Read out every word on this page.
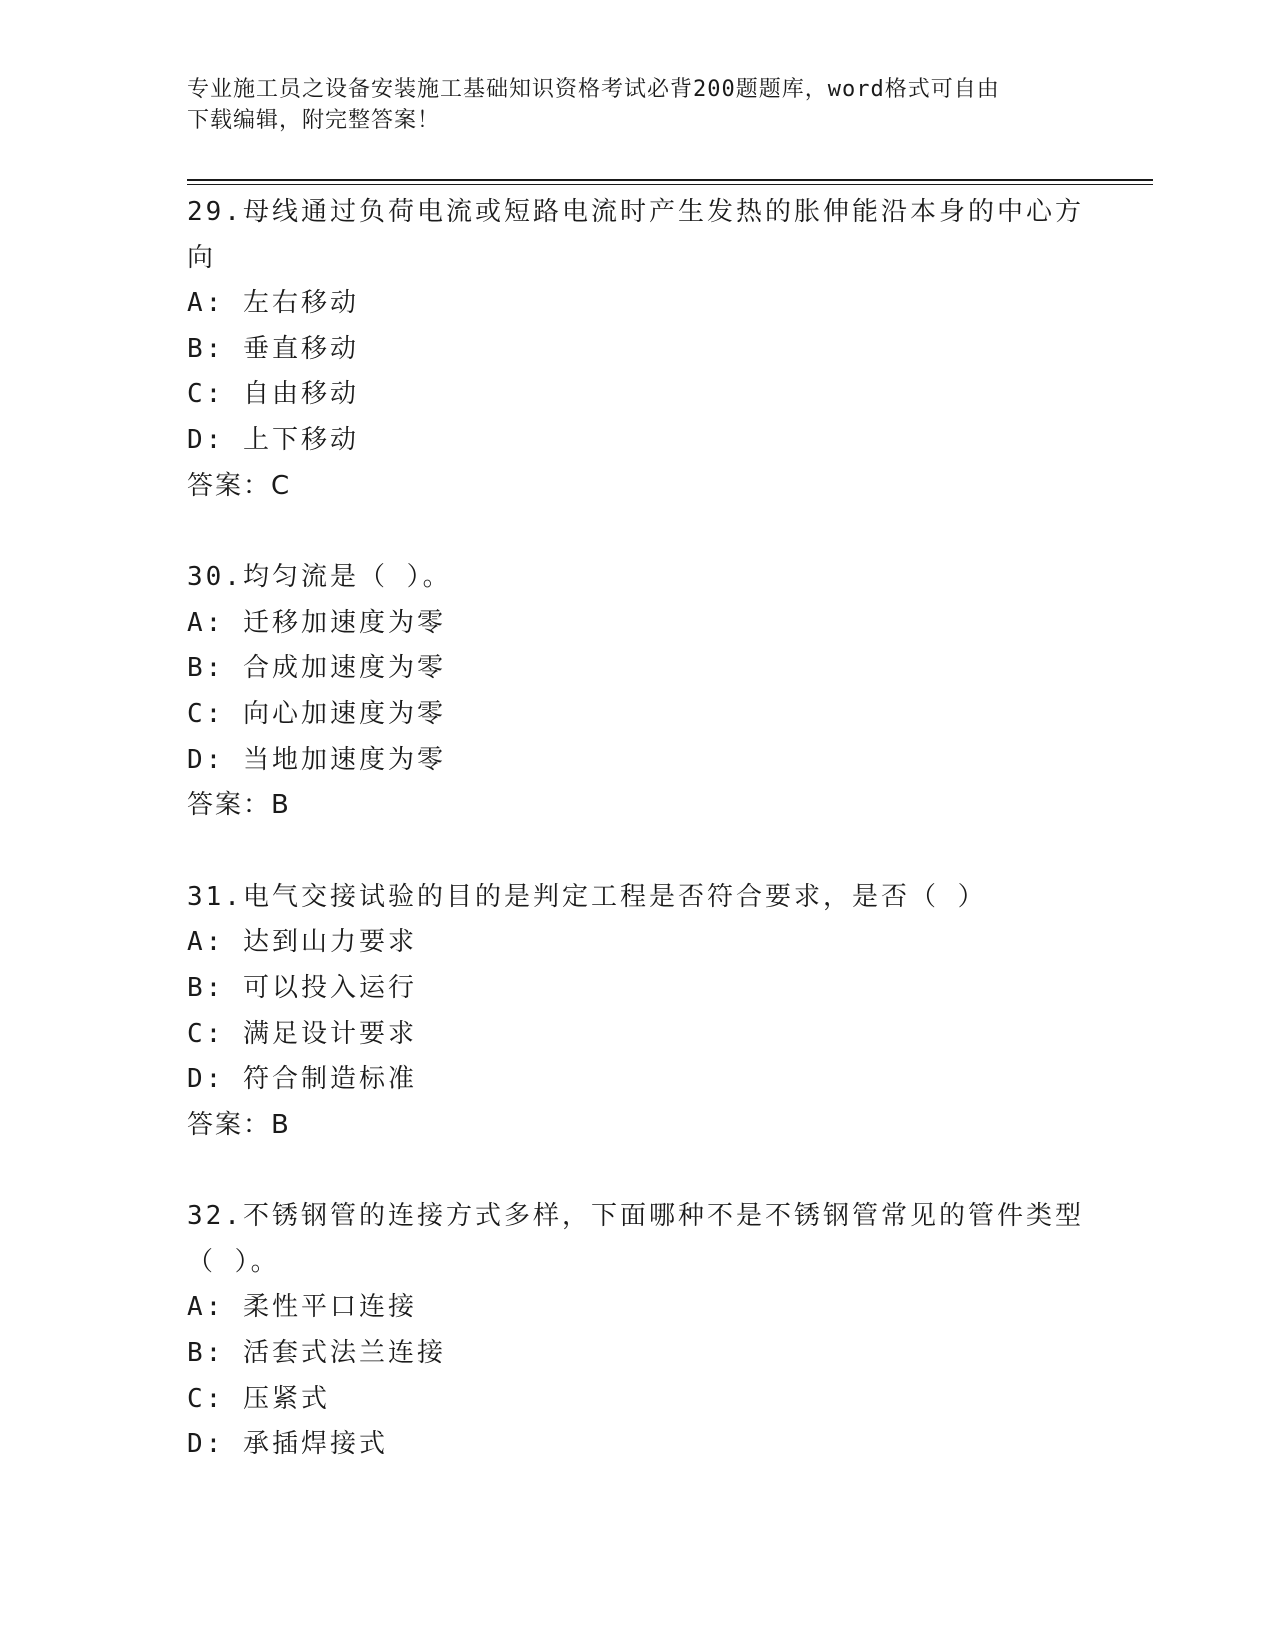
专业施工员之设备安装施工基础知识资格考试必背200题题库，word格式可自由
下载编辑，附完整答案！
29.母线通过负荷电流或短路电流时产生发热的胀伸能沿本身的中心方向
A: 左右移动
B: 垂直移动
C: 自由移动
D: 上下移动
答案：C
30.均匀流是（ ）。
A: 迁移加速度为零
B: 合成加速度为零
C: 向心加速度为零
D: 当地加速度为零
答案：B
31.电气交接试验的目的是判定工程是否符合要求，是否（ ）
A: 达到山力要求
B: 可以投入运行
C: 满足设计要求
D: 符合制造标准
答案：B
32.不锈钢管的连接方式多样，下面哪种不是不锈钢管常见的管件类型（ ）。
A: 柔性平口连接
B: 活套式法兰连接
C: 压紧式
D: 承插焊接式
